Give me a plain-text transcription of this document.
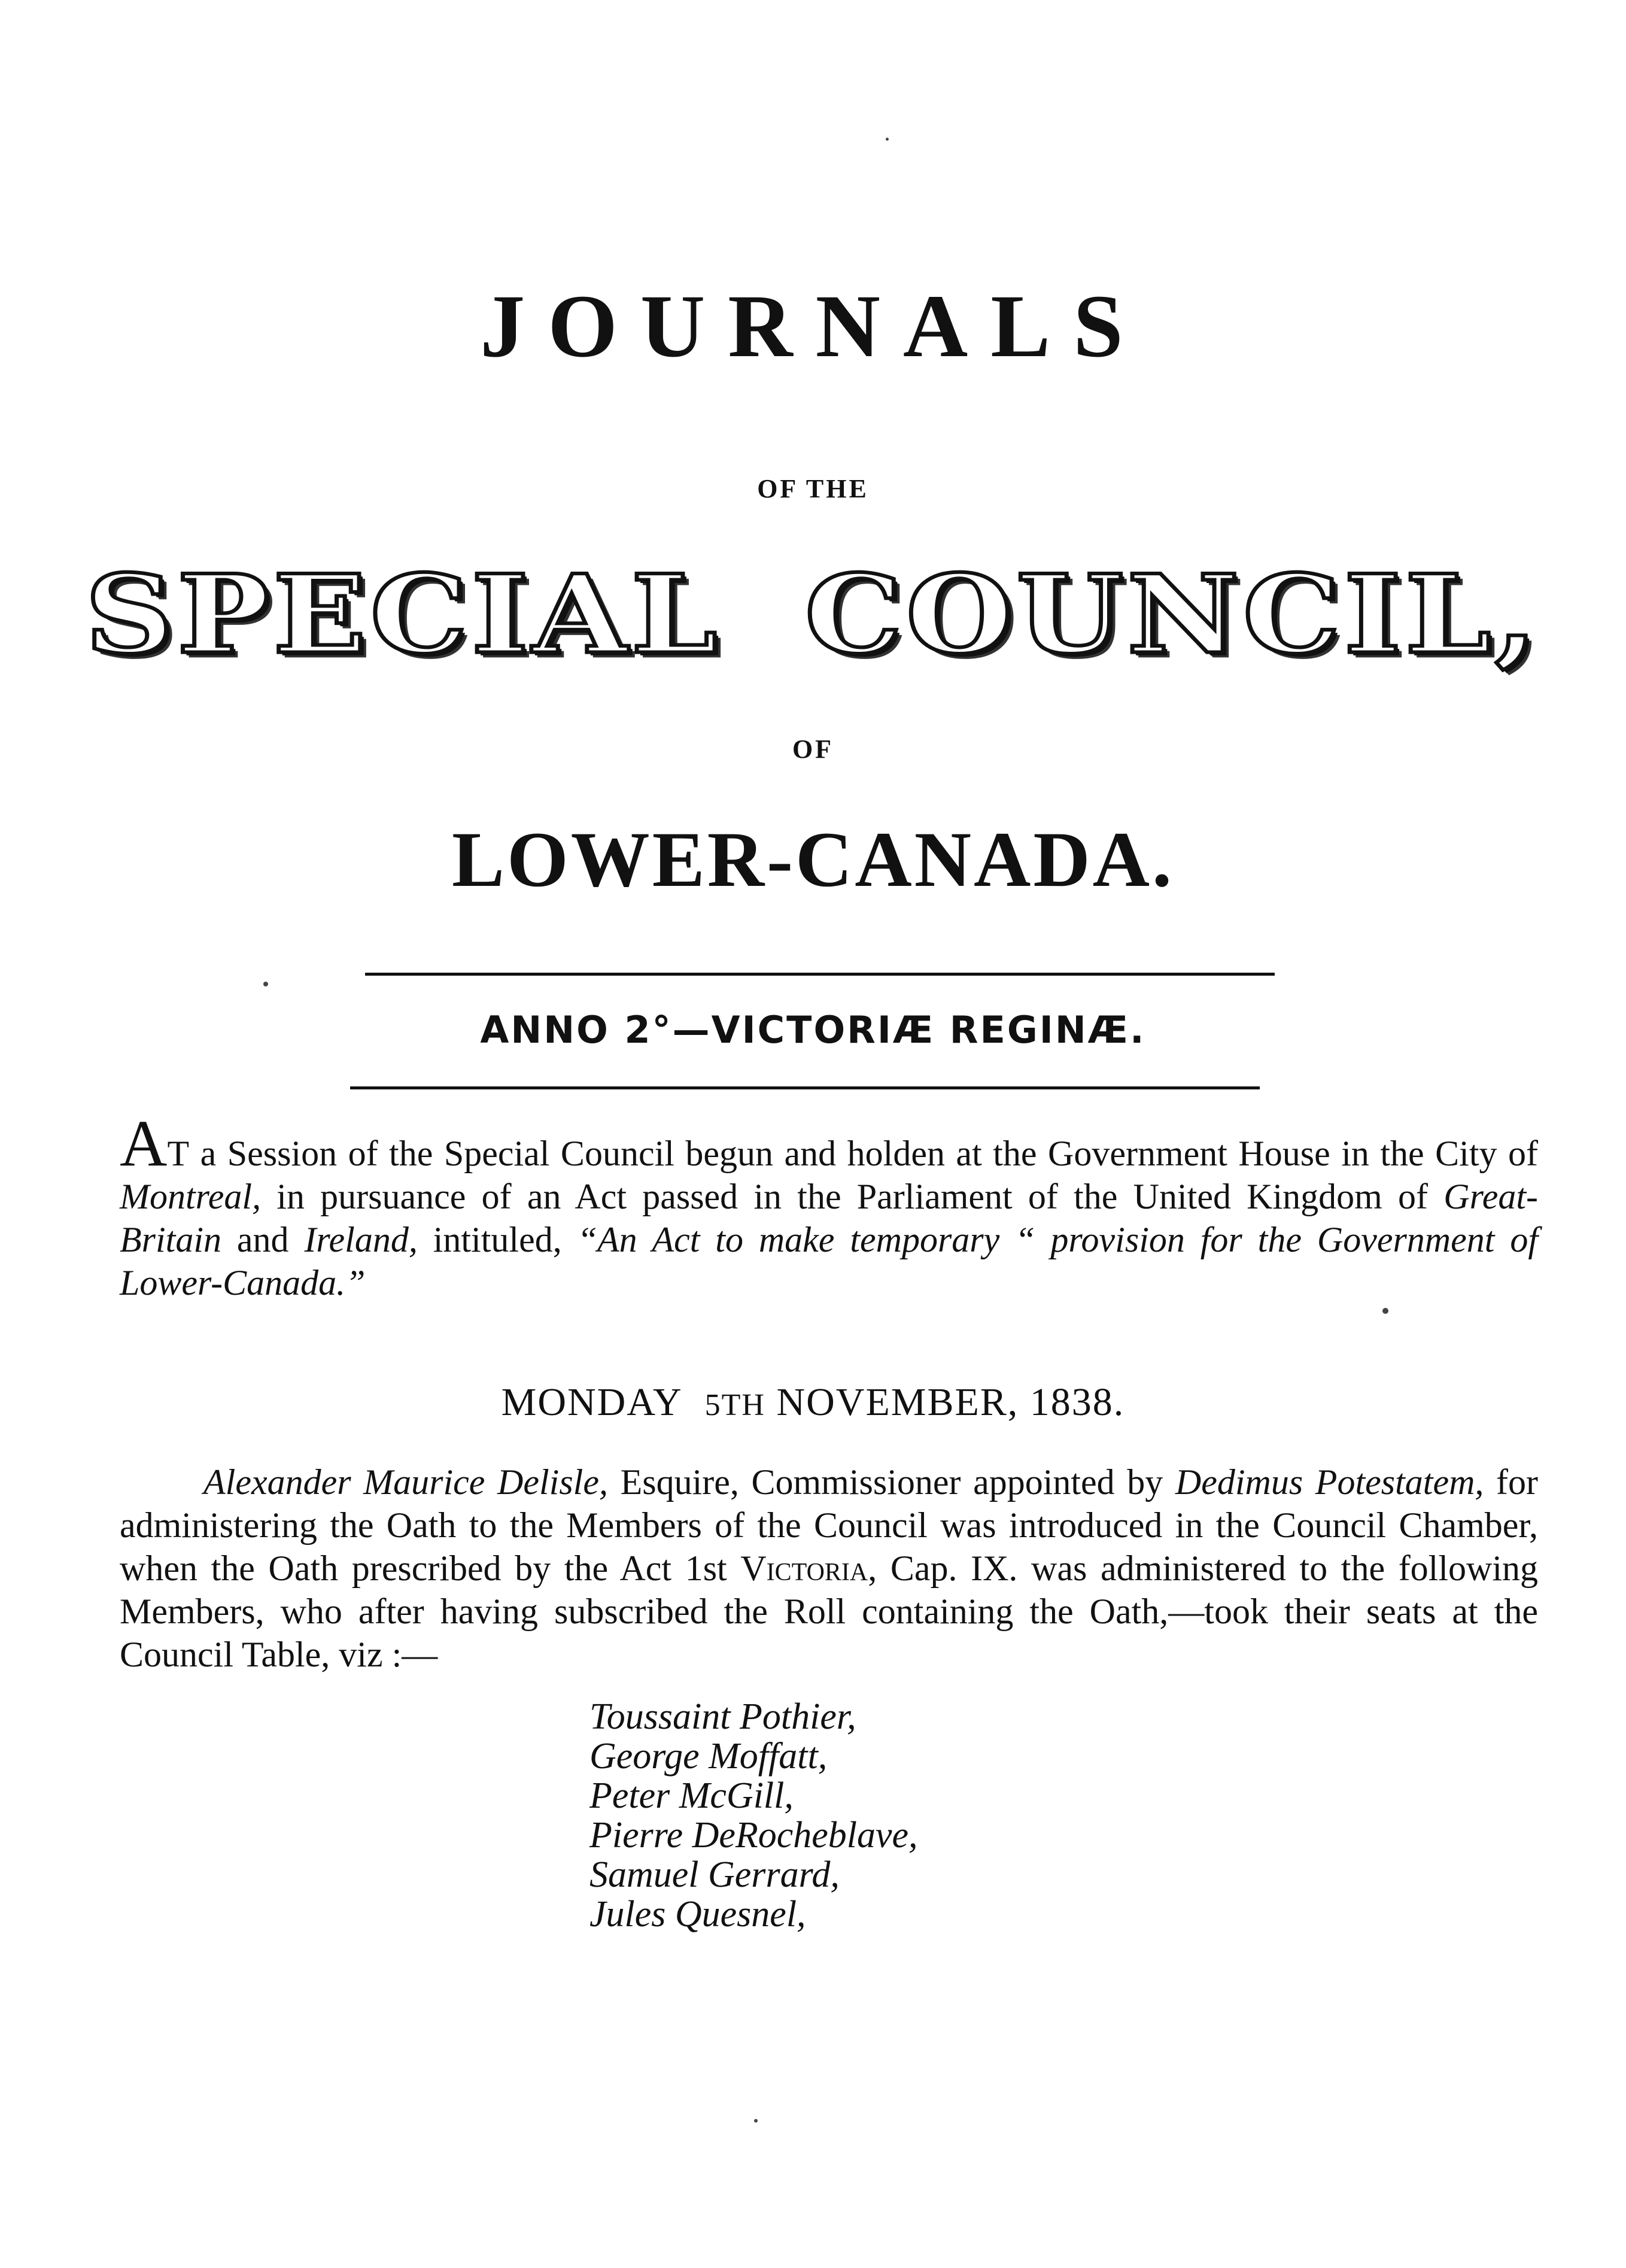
JOURNALS
OF THE
SPECIAL COUNCIL,
OF
LOWER-CANADA.
ANNO 2°—VICTORIÆ REGINÆ.
AT a Session of the Special Council begun and holden at the Government House in the City of Montreal, in pursuance of an Act passed in the Parliament of the United Kingdom of Great-Britain and Ireland, intituled, “An Act to make temporary “ provision for the Government of Lower-Canada.”
MONDAY 5TH NOVEMBER, 1838.
Alexander Maurice Delisle, Esquire, Commissioner appointed by Dedimus Potestatem, for administering the Oath to the Members of the Council was introduced in the Council Chamber, when the Oath prescribed by the Act 1st Victoria, Cap. IX. was administered to the following Members, who after having subscribed the Roll containing the Oath,—took their seats at the Council Table, viz :—
Toussaint Pothier,
George Moffatt,
Peter McGill,
Pierre DeRocheblave,
Samuel Gerrard,
Jules Quesnel,
